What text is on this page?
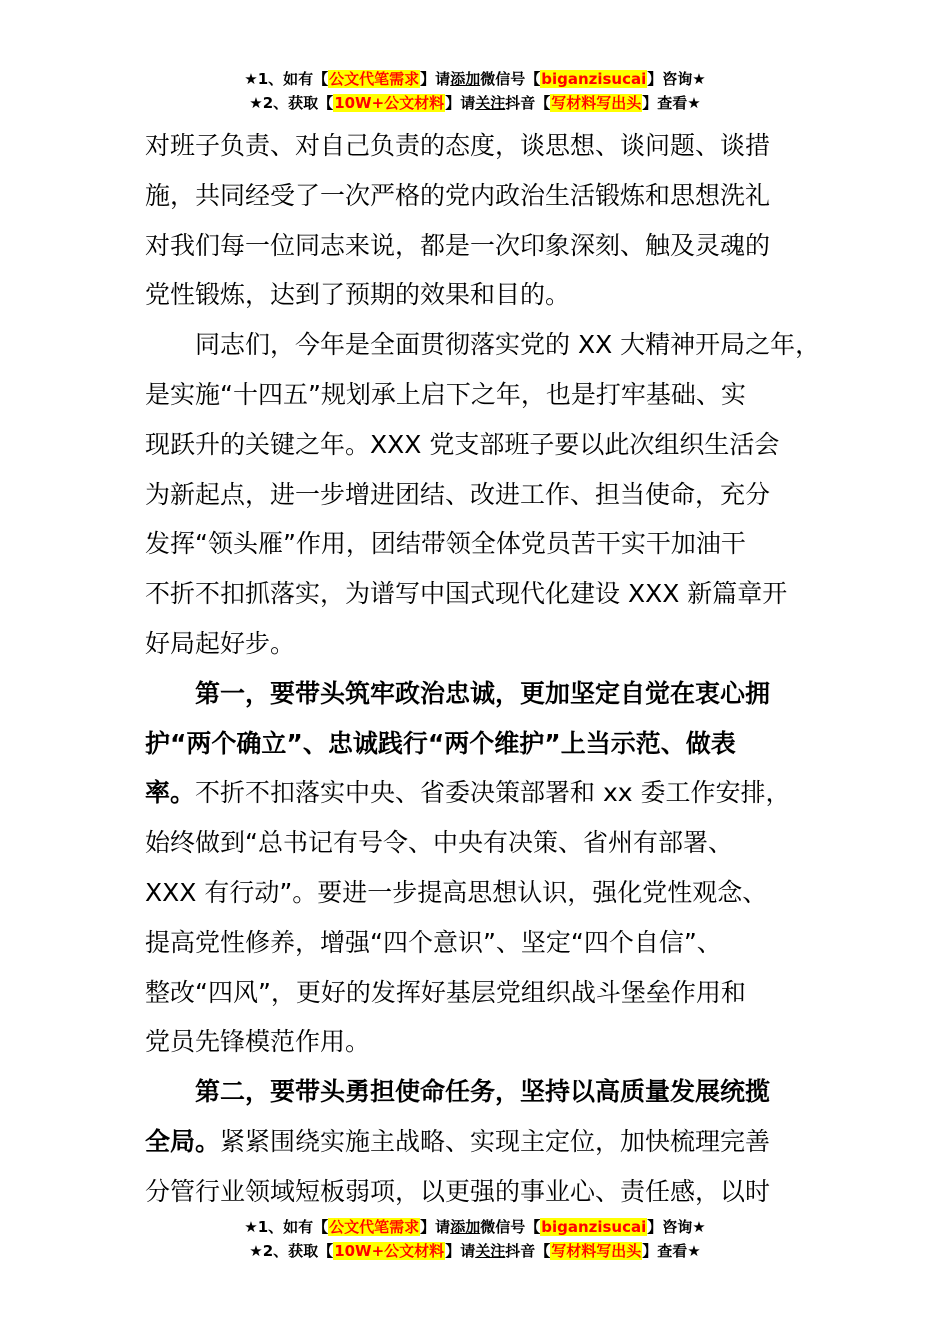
★1、如有【公文代笔需求】请添加微信号【biganzisucai】咨询★
★2、获取【10W+公文材料】请关注抖音【写材料写出头】查看★

对班子负责、对自己负责的态度，谈思想、谈问题、谈措
施，共同经受了一次严格的党内政治生活锻炼和思想洗礼
对我们每一位同志来说，都是一次印象深刻、触及灵魂的
党性锻炼，达到了预期的效果和目的。

同志们，今年是全面贯彻落实党的 XX 大精神开局之年，
是实施“十四五”规划承上启下之年，也是打牢基础、实
现跃升的关键之年。XXX 党支部班子要以此次组织生活会
为新起点，进一步增进团结、改进工作、担当使命，充分
发挥“领头雁”作用，团结带领全体党员苦干实干加油干
不折不扣抓落实，为谱写中国式现代化建设 XXX 新篇章开
好局起好步。

第一，要带头筑牢政治忠诚，更加坚定自觉在衷心拥
护“两个确立”、忠诚践行“两个维护”上当示范、做表
率。不折不扣落实中央、省委决策部署和 xx 委工作安排，
始终做到“总书记有号令、中央有决策、省州有部署、
XXX 有行动”。要进一步提高思想认识，强化党性观念、
提高党性修养，增强“四个意识”、坚定“四个自信”、
整改“四风”，更好的发挥好基层党组织战斗堡垒作用和
党员先锋模范作用。

第二，要带头勇担使命任务，坚持以高质量发展统揽
全局。紧紧围绕实施主战略、实现主定位，加快梳理完善
分管行业领域短板弱项，以更强的事业心、责任感，以时

★1、如有【公文代笔需求】请添加微信号【biganzisucai】咨询★
★2、获取【10W+公文材料】请关注抖音【写材料写出头】查看★
